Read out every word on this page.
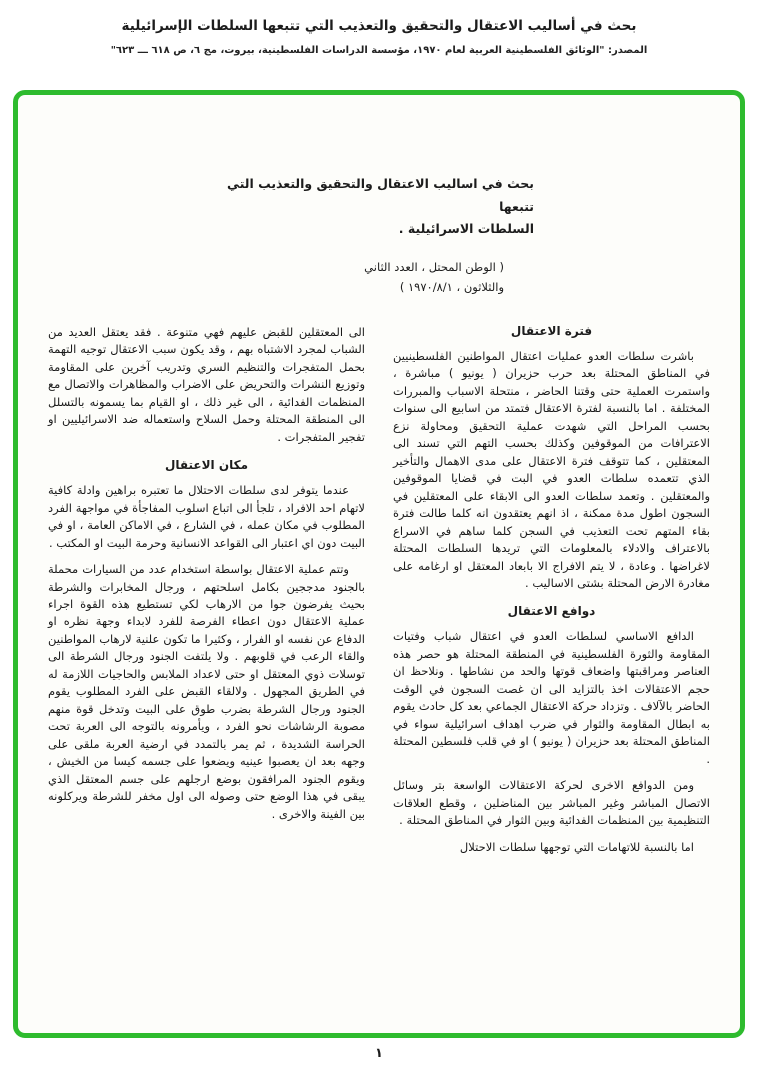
بحث في أساليب الاعتقال والتحقيق والتعذيب التي تتبعها السلطات الإسرائيلية
المصدر: "الوثائق الفلسطينية العربية لعام ١٩٧٠، مؤسسة الدراسات الفلسطينية، بيروت، مج ٦، ص ٦١٨ ـــ ٦٢٣"
بحث في اساليب الاعتقال والتحقيق والتعذيب التي تتبعها
السلطات الاسرائيلية .
( الوطن المحتل ، العدد الثاني
والثلاثون ، ١٩٧٠/٨/١ )
فترة الاعتقال

باشرت سلطات العدو عمليات اعتقال المواطنين الفلسطينيين في المناطق المحتلة بعد حرب حزيران ( يونيو ) مباشرة ، واستمرت العملية حتى وقتنا الحاضر ، منتحلة الاسباب والمبررات المختلفة . اما بالنسبة لفترة الاعتقال فتمتد من اسابيع الى سنوات بحسب المراحل التي شهدت عملية التحقيق ومحاولة نزع الاعترافات من الموقوفين وكذلك بحسب التهم التي تسند الى المعتقلين ، كما تتوقف فترة الاعتقال على مدى الاهمال والتأخير الذي تتعمده سلطات العدو في البت في قضايا الموقوفين والمعتقلين . وتعمد سلطات العدو الى الابقاء على المعتقلين في السجون اطول مدة ممكنة ، اذ انهم يعتقدون انه كلما طالت فترة بقاء المتهم تحت التعذيب في السجن كلما ساهم في الاسراع بالاعتراف والادلاء بالمعلومات التي تريدها السلطات المحتلة لاغراضها . وعادة ، لا يتم الافراج الا بابعاد المعتقل او ارغامه على مغادرة الارض المحتلة بشتى الاساليب .

دوافع الاعتقال

الدافع الاساسي لسلطات العدو في اعتقال شباب وفتيات المقاومة والثورة الفلسطينية في المنطقة المحتلة هو حصر هذه العناصر ومراقبتها واضعاف قوتها والحد من نشاطها . ونلاحظ ان حجم الاعتقالات اخذ بالتزايد الى ان غصت السجون في الوقت الحاضر بالآلاف . وتزداد حركة الاعتقال الجماعي بعد كل حادث يقوم به ابطال المقاومة والثوار في ضرب اهداف اسرائيلية سواء في المناطق المحتلة بعد حزيران ( يونيو ) او في قلب فلسطين المحتلة .

ومن الدوافع الاخرى لحركة الاعتقالات الواسعة بتر وسائل الاتصال المباشر وغير المباشر بين المناضلين ، وقطع العلاقات التنظيمية بين المنظمات الفدائية وبين الثوار في المناطق المحتلة .

اما بالنسبة للاتهامات التي توجهها سلطات الاحتلال

الى المعتقلين للقبض عليهم فهي متنوعة . فقد يعتقل العديد من الشباب لمجرد الاشتباه بهم ، وقد يكون سبب الاعتقال توجيه التهمة بحمل المتفجرات والتنظيم السري وتدريب آخرين على المقاومة وتوزيع النشرات والتحريض على الاضراب والمظاهرات والاتصال مع المنظمات الفدائية ، الى غير ذلك ، او القيام بما يسمونه بالتسلل الى المنطقة المحتلة وحمل السلاح واستعماله ضد الاسرائيليين او تفجير المتفجرات .

مكان الاعتقال

عندما يتوفر لدى سلطات الاحتلال ما تعتبره براهين وادلة كافية لاتهام احد الافراد ، تلجأ الى اتباع اسلوب المفاجأة في مواجهة الفرد المطلوب في مكان عمله ، في الشارع ، في الاماكن العامة ، او في البيت دون اي اعتبار الى القواعد الانسانية وحرمة البيت او المكتب .

وتتم عملية الاعتقال بواسطة استخدام عدد من السيارات محملة بالجنود مدججين بكامل اسلحتهم ، ورجال المخابرات والشرطة بحيث يفرضون جوا من الارهاب لكي تستطيع هذه القوة اجراء عملية الاعتقال دون اعطاء الفرصة للفرد لابداء وجهة نظره او الدفاع عن نفسه او الفرار ، وكثيرا ما تكون علنية لارهاب المواطنين والقاء الرعب في قلوبهم . ولا يلتفت الجنود ورجال الشرطة الى توسلات ذوي المعتقل او حتى لاعداد الملابس والحاجيات اللازمة له في الطريق المجهول . ولالقاء القبض على الفرد المطلوب يقوم الجنود ورجال الشرطة بضرب طوق على البيت وتدخل قوة منهم مصوبة الرشاشات نحو الفرد ، ويأمرونه بالتوجه الى العربة تحت الحراسة الشديدة ، ثم يمر بالتمدد في ارضية العربة ملقى على وجهه بعد ان يعصبوا عينيه ويضعوا على جسمه كيسا من الخيش ، ويقوم الجنود المرافقون بوضع ارجلهم على جسم المعتقل الذي يبقى في هذا الوضع حتى وصوله الى اول مخفر للشرطة ويركلونه بين الفينة والاخرى .

١
